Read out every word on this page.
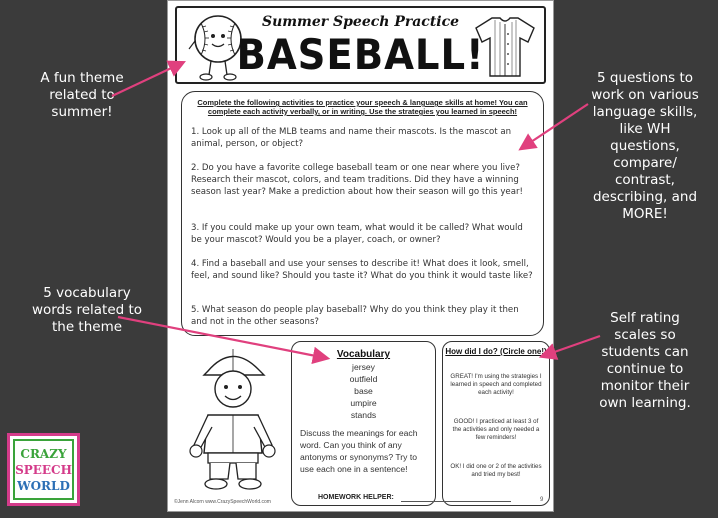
A fun theme
related to
summer!
5 vocabulary
words related to
the theme
5 questions to
work on various
language skills,
like WH
questions,
compare/
contrast,
describing, and
MORE!
Self rating
scales so
students can
continue to
monitor their
own learning.
Summer Speech Practice
BASEBALL!
Complete the following activities to practice your speech & language skills at home! You can complete each activity verbally, or in writing. Use the strategies you learned in speech!
1. Look up all of the MLB teams and name their mascots. Is the mascot an animal, person, or object?
2. Do you have a favorite college baseball team or one near where you live? Research their mascot, colors, and team traditions. Did they have a winning season last year? Make a prediction about how their season will go this year!
3. If you could make up your own team, what would it be called? What would be your mascot? Would you be a player, coach, or owner?
4. Find a baseball and use your senses to describe it! What does it look, smell, feel, and sound like? Should you taste it? What do you think it would taste like?
5. What season do people play baseball? Why do you think they play it then and not in the other seasons?
Vocabulary
jersey
outfield
base
umpire
stands
Discuss the meanings for each word. Can you think of any antonyms or synonyms? Try to use each one in a sentence!
How did I do? (Circle one!)
GREAT! I'm using the strategies I learned in speech and completed each activity!
GOOD! I practiced at least 3 of the activities and only needed a few reminders!
OK! I did one or 2 of the activities and tried my best!
©Jenn Alcorn www.CrazySpeechWorld.com
HOMEWORK HELPER:	9
CRAZY
SPEECH
WORLD
